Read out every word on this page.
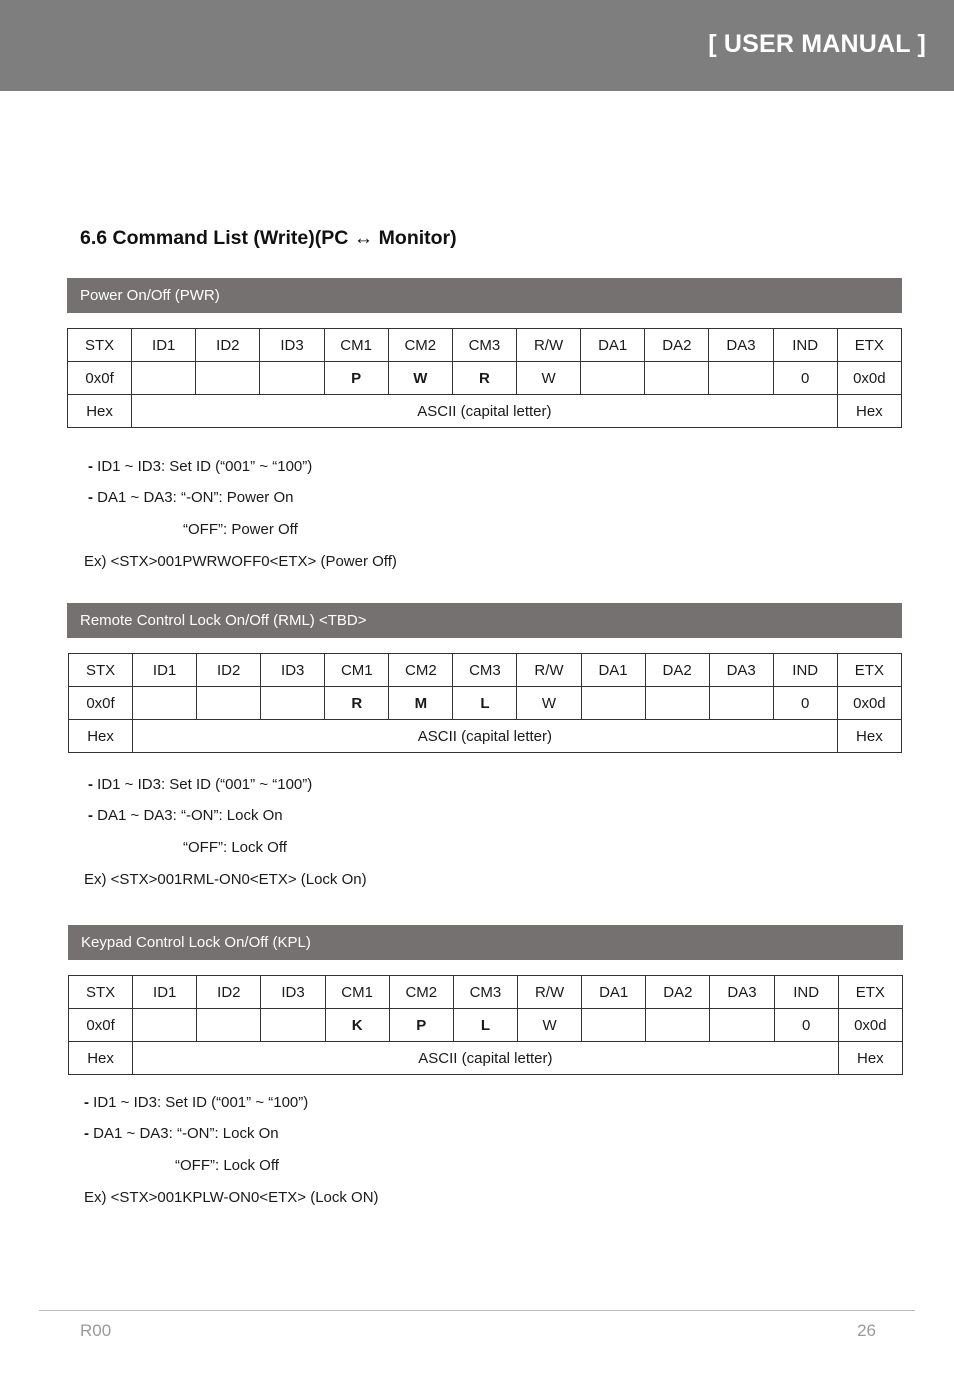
[ USER MANUAL ]
6.6 Command List (Write)(PC ↔ Monitor)
Power On/Off (PWR)
STX	ID1	ID2	ID3	CM1	CM2	CM3	R/W	DA1	DA2	DA3	IND	ETX
0x0f				P	W	R	W				0	0x0d
Hex	ASCII (capital letter)											Hex
- ID1 ~ ID3: Set ID (“001” ~ “100”)
- DA1 ~ DA3: “-ON”: Power On
“OFF”: Power Off
Ex) <STX>001PWRWOFF0<ETX> (Power Off)
Remote Control Lock On/Off (RML) <TBD>
STX	ID1	ID2	ID3	CM1	CM2	CM3	R/W	DA1	DA2	DA3	IND	ETX
0x0f				R	M	L	W				0	0x0d
Hex	ASCII (capital letter)											Hex
- ID1 ~ ID3: Set ID (“001” ~ “100”)
- DA1 ~ DA3: “-ON”: Lock On
“OFF”: Lock Off
Ex) <STX>001RML-ON0<ETX> (Lock On)
Keypad Control Lock On/Off (KPL)
STX	ID1	ID2	ID3	CM1	CM2	CM3	R/W	DA1	DA2	DA3	IND	ETX
0x0f				K	P	L	W				0	0x0d
Hex	ASCII (capital letter)											Hex
- ID1 ~ ID3: Set ID (“001” ~ “100”)
- DA1 ~ DA3: “-ON”: Lock On
“OFF”: Lock Off
Ex) <STX>001KPLW-ON0<ETX> (Lock ON)
R00	26
